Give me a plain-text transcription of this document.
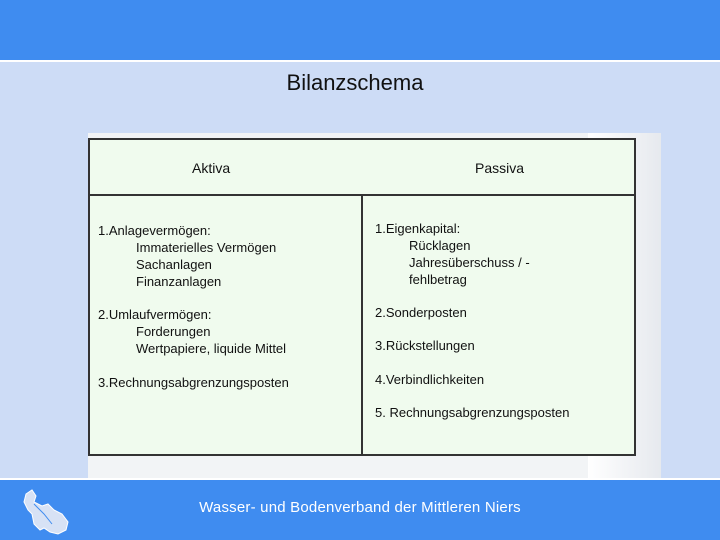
Bilanzschema
Aktiva	Passiva
1.Anlagevermögen:
Immaterielles Vermögen
Sachanlagen
Finanzanlagen
2.Umlaufvermögen:
Forderungen
Wertpapiere, liquide Mittel
3.Rechnungsabgrenzungsposten
1.Eigenkapital:
Rücklagen
Jahresüberschuss / -
fehlbetrag
2.Sonderposten
3.Rückstellungen
4.Verbindlichkeiten
5. Rechnungsabgrenzungsposten
Wasser- und Bodenverband der Mittleren Niers
